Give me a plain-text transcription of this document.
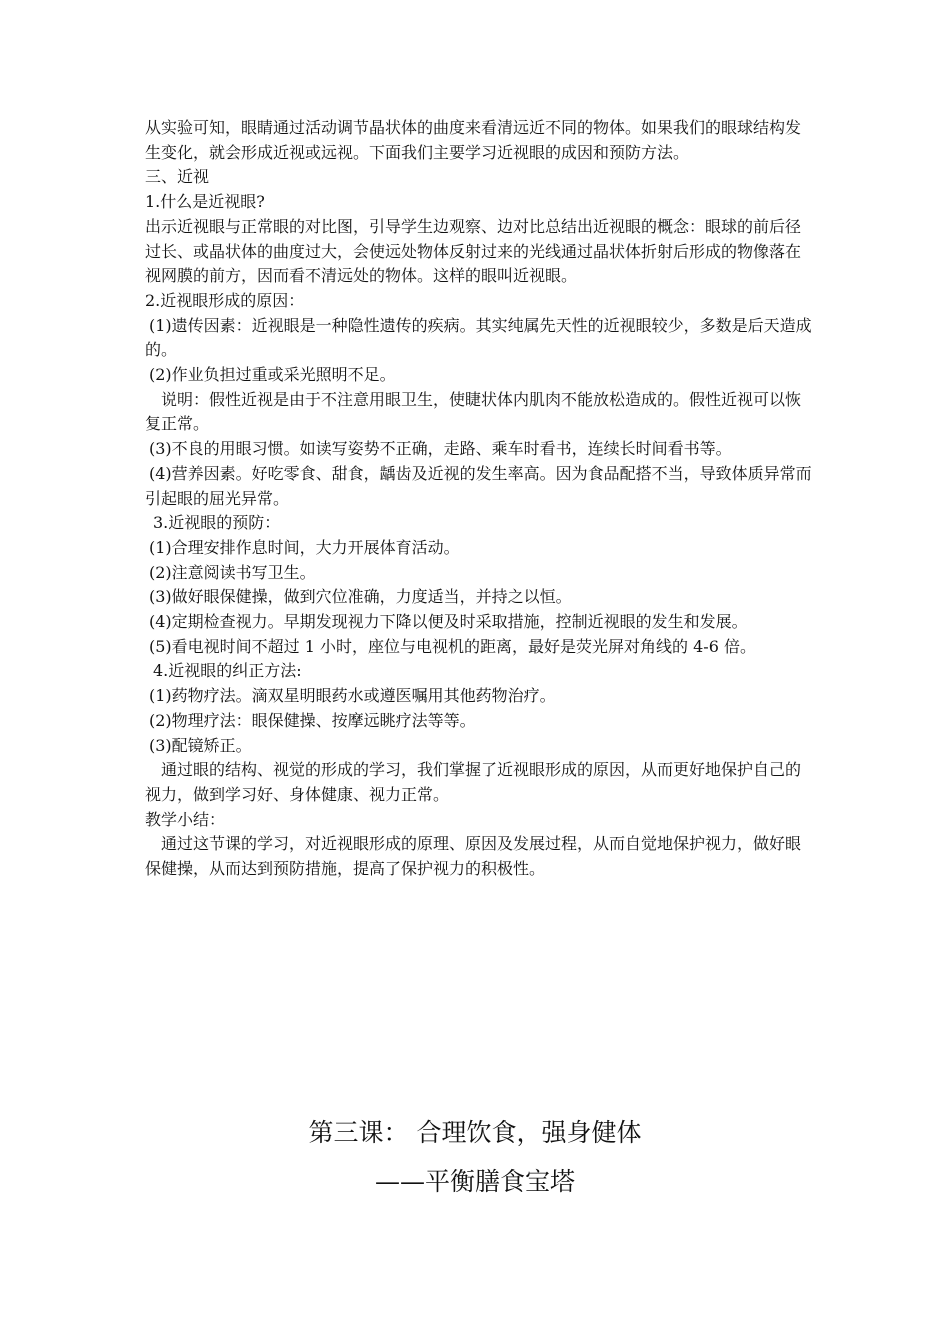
从实验可知，眼睛通过活动调节晶状体的曲度来看清远近不同的物体。如果我们的眼球结构发生变化，就会形成近视或远视。下面我们主要学习近视眼的成因和预防方法。

三、近视

1.什么是近视眼?

出示近视眼与正常眼的对比图，引导学生边观察、边对比总结出近视眼的概念：眼球的前后径过长、或晶状体的曲度过大，会使远处物体反射过来的光线通过晶状体折射后形成的物像落在视网膜的前方，因而看不清远处的物体。这样的眼叫近视眼。

2.近视眼形成的原因：

(1)遗传因素：近视眼是一种隐性遗传的疾病。其实纯属先天性的近视眼较少，多数是后天造成的。

(2)作业负担过重或采光照明不足。

说明：假性近视是由于不注意用眼卫生，使睫状体内肌肉不能放松造成的。假性近视可以恢复正常。

(3)不良的用眼习惯。如读写姿势不正确，走路、乘车时看书，连续长时间看书等。

(4)营养因素。好吃零食、甜食，龋齿及近视的发生率高。因为食品配搭不当，导致体质异常而引起眼的屈光异常。

3.近视眼的预防：

(1)合理安排作息时间，大力开展体育活动。

(2)注意阅读书写卫生。

(3)做好眼保健操，做到穴位准确，力度适当，并持之以恒。

(4)定期检查视力。早期发现视力下降以便及时采取措施，控制近视眼的发生和发展。

(5)看电视时间不超过 1 小时，座位与电视机的距离，最好是荧光屏对角线的 4-6 倍。

4.近视眼的纠正方法:

(1)药物疗法。滴双星明眼药水或遵医嘱用其他药物治疗。

(2)物理疗法：眼保健操、按摩远眺疗法等等。

(3)配镜矫正。

通过眼的结构、视觉的形成的学习，我们掌握了近视眼形成的原因，从而更好地保护自己的视力，做到学习好、身体健康、视力正常。

教学小结：

通过这节课的学习，对近视眼形成的原理、原因及发展过程，从而自觉地保护视力，做好眼保健操，从而达到预防措施，提高了保护视力的积极性。

第三课： 合理饮食，强身健体
——平衡膳食宝塔
